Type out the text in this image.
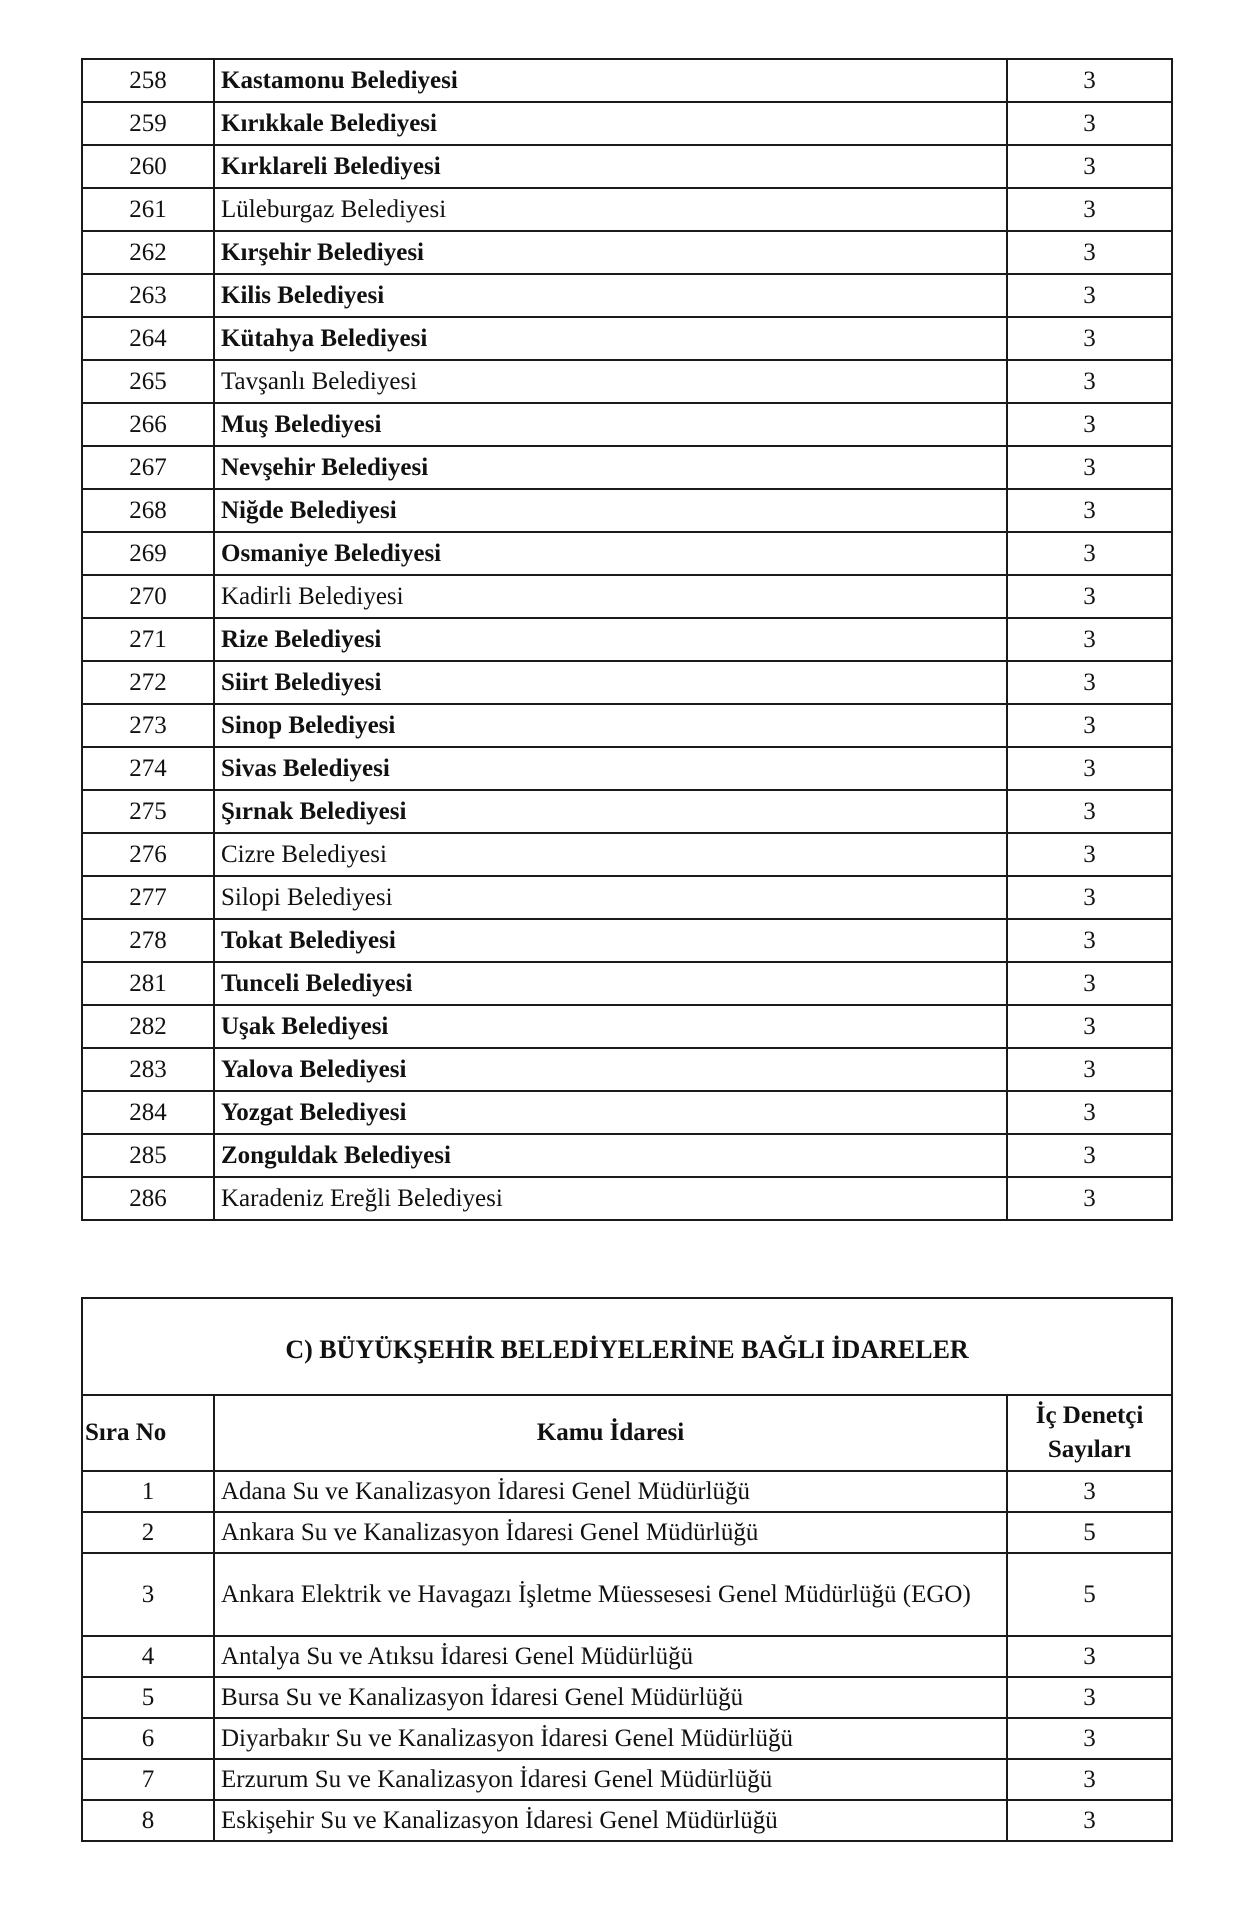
258	Kastamonu Belediyesi	3
259	Kırıkkale Belediyesi	3
260	Kırklareli Belediyesi	3
261	Lüleburgaz Belediyesi	3
262	Kırşehir Belediyesi	3
263	Kilis Belediyesi	3
264	Kütahya Belediyesi	3
265	Tavşanlı Belediyesi	3
266	Muş Belediyesi	3
267	Nevşehir Belediyesi	3
268	Niğde Belediyesi	3
269	Osmaniye Belediyesi	3
270	Kadirli Belediyesi	3
271	Rize Belediyesi	3
272	Siirt Belediyesi	3
273	Sinop Belediyesi	3
274	Sivas Belediyesi	3
275	Şırnak Belediyesi	3
276	Cizre Belediyesi	3
277	Silopi Belediyesi	3
278	Tokat Belediyesi	3
281	Tunceli Belediyesi	3
282	Uşak Belediyesi	3
283	Yalova Belediyesi	3
284	Yozgat Belediyesi	3
285	Zonguldak Belediyesi	3
286	Karadeniz Ereğli Belediyesi	3
C) BÜYÜKŞEHİR BELEDİYELERİNE BAĞLI İDARELER		
Sıra No	Kamu İdaresi	İç Denetçi
Sayıları
1	Adana Su ve Kanalizasyon İdaresi Genel Müdürlüğü	3
2	Ankara Su ve Kanalizasyon İdaresi Genel Müdürlüğü	5
3	Ankara Elektrik ve Havagazı İşletme Müessesesi Genel Müdürlüğü (EGO)	5
4	Antalya Su ve Atıksu İdaresi Genel Müdürlüğü	3
5	Bursa Su ve Kanalizasyon İdaresi Genel Müdürlüğü	3
6	Diyarbakır Su ve Kanalizasyon İdaresi Genel Müdürlüğü	3
7	Erzurum Su ve Kanalizasyon İdaresi Genel Müdürlüğü	3
8	Eskişehir Su ve Kanalizasyon İdaresi Genel Müdürlüğü	3
